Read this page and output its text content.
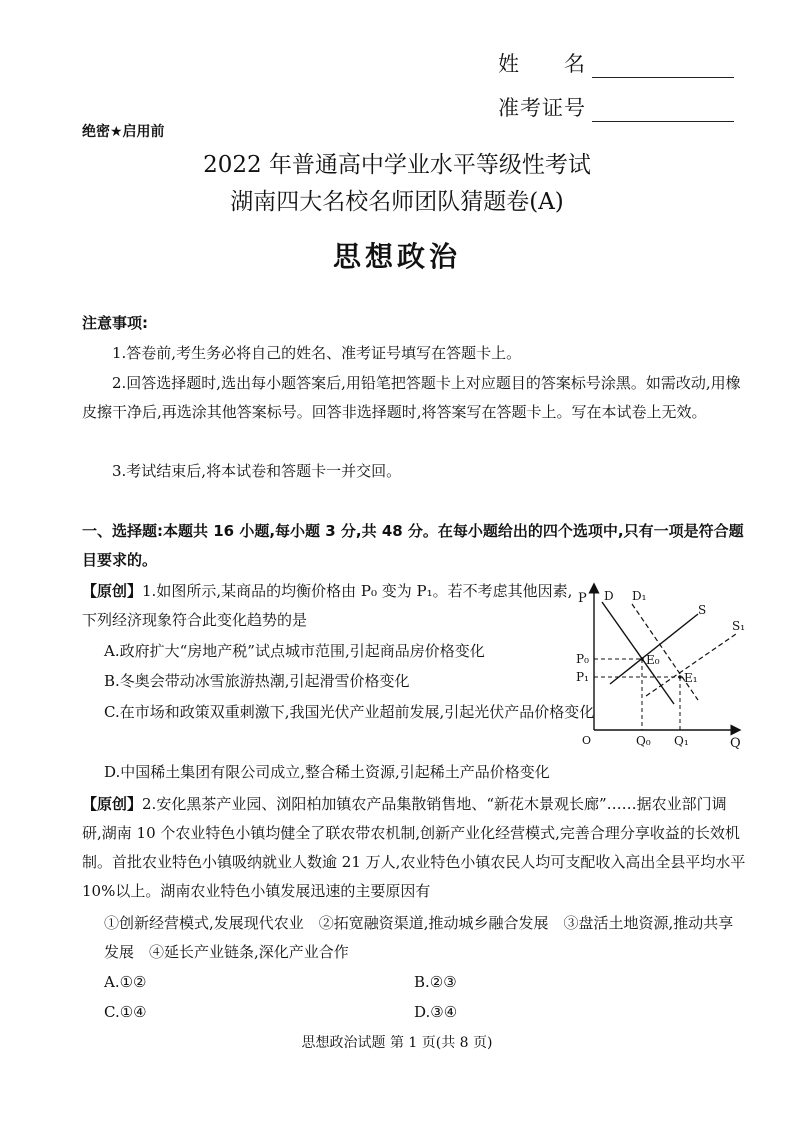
姓　　名
准考证号
绝密★启用前
2022 年普通高中学业水平等级性考试
湖南四大名校名师团队猜题卷(A)
思想政治
注意事项:
1.答卷前,考生务必将自己的姓名、准考证号填写在答题卡上。
2.回答选择题时,选出每小题答案后,用铅笔把答题卡上对应题目的答案标号涂黑。如需改动,用橡皮擦干净后,再选涂其他答案标号。回答非选择题时,将答案写在答题卡上。写在本试卷上无效。
3.考试结束后,将本试卷和答题卡一并交回。
一、选择题:本题共 16 小题,每小题 3 分,共 48 分。在每小题给出的四个选项中,只有一项是符合题目要求的。
【原创】1.如图所示,某商品的均衡价格由 P₀ 变为 P₁。若不考虑其他因素,下列经济现象符合此变化趋势的是
A.政府扩大“房地产税”试点城市范围,引起商品房价格变化
B.冬奥会带动冰雪旅游热潮,引起滑雪价格变化
C.在市场和政策双重刺激下,我国光伏产业超前发展,引起光伏产品价格变化
D.中国稀土集团有限公司成立,整合稀土资源,引起稀土产品价格变化
P
Q
D D₁
S
S₁
E₀
E₁
P₀
P₁
Q₀ Q₁
O
【原创】2.安化黑茶产业园、浏阳柏加镇农产品集散销售地、“新花木景观长廊”……据农业部门调研,湖南 10 个农业特色小镇均健全了联农带农机制,创新产业化经营模式,完善合理分享收益的长效机制。首批农业特色小镇吸纳就业人数逾 21 万人,农业特色小镇农民人均可支配收入高出全县平均水平 10%以上。湖南农业特色小镇发展迅速的主要原因有
①创新经营模式,发展现代农业　②拓宽融资渠道,推动城乡融合发展　③盘活土地资源,推动共享发展　④延长产业链条,深化产业合作
A.①②	B.②③
C.①④	D.③④
思想政治试题 第 1 页(共 8 页)
